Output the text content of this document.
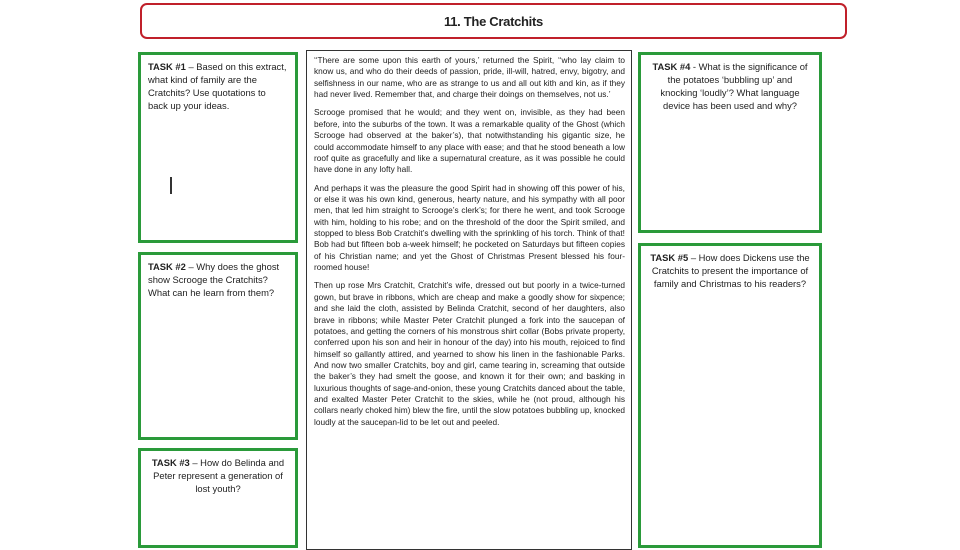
11. The Cratchits
TASK #1 – Based on this extract, what kind of family are the Cratchits? Use quotations to back up your ideas.
TASK #2 – Why does the ghost show Scrooge the Cratchits? What can he learn from them?
TASK #3 – How do Belinda and Peter represent a generation of lost youth?

‘‘There are some upon this earth of yours,’ returned the Spirit, ‘‘who lay claim to know us, and who do their deeds of passion, pride, ill-will, hatred, envy, bigotry, and selfishness in our name, who are as strange to us and all out kith and kin, as if they had never lived. Remember that, and charge their doings on themselves, not us.’

Scrooge promised that he would; and they went on, invisible, as they had been before, into the suburbs of the town. It was a remarkable quality of the Ghost (which Scrooge had observed at the baker’s), that notwithstanding his gigantic size, he could accommodate himself to any place with ease; and that he stood beneath a low roof quite as gracefully and like a supernatural creature, as it was possible he could have done in any lofty hall.

And perhaps it was the pleasure the good Spirit had in showing off this power of his, or else it was his own kind, generous, hearty nature, and his sympathy with all poor men, that led him straight to Scrooge’s clerk’s; for there he went, and took Scrooge with him, holding to his robe; and on the threshold of the door the Spirit smiled, and stopped to bless Bob Cratchit’s dwelling with the sprinkling of his torch. Think of that! Bob had but fifteen bob a-week himself; he pocketed on Saturdays but fifteen copies of his Christian name; and yet the Ghost of Christmas Present blessed his four-roomed house!

Then up rose Mrs Cratchit, Cratchit’s wife, dressed out but poorly in a twice-turned gown, but brave in ribbons, which are cheap and make a goodly show for sixpence; and she laid the cloth, assisted by Belinda Cratchit, second of her daughters, also brave in ribbons; while Master Peter Cratchit plunged a fork into the saucepan of potatoes, and getting the corners of his monstrous shirt collar (Bobs private property, conferred upon his son and heir in honour of the day) into his mouth, rejoiced to find himself so gallantly attired, and yearned to show his linen in the fashionable Parks. And now two smaller Cratchits, boy and girl, came tearing in, screaming that outside the baker’s they had smelt the goose, and known it for their own; and basking in luxurious thoughts of sage-and-onion, these young Cratchits danced about the table, and exalted Master Peter Cratchit to the skies, while he (not proud, although his collars nearly choked him) blew the fire, until the slow potatoes bubbling up, knocked loudly at the saucepan-lid to be let out and peeled.

TASK #4 - What is the significance of the potatoes ‘bubbling up’ and knocking ‘loudly’? What language device has been used and why?
TASK #5 – How does Dickens use the Cratchits to present the importance of family and Christmas to his readers?
